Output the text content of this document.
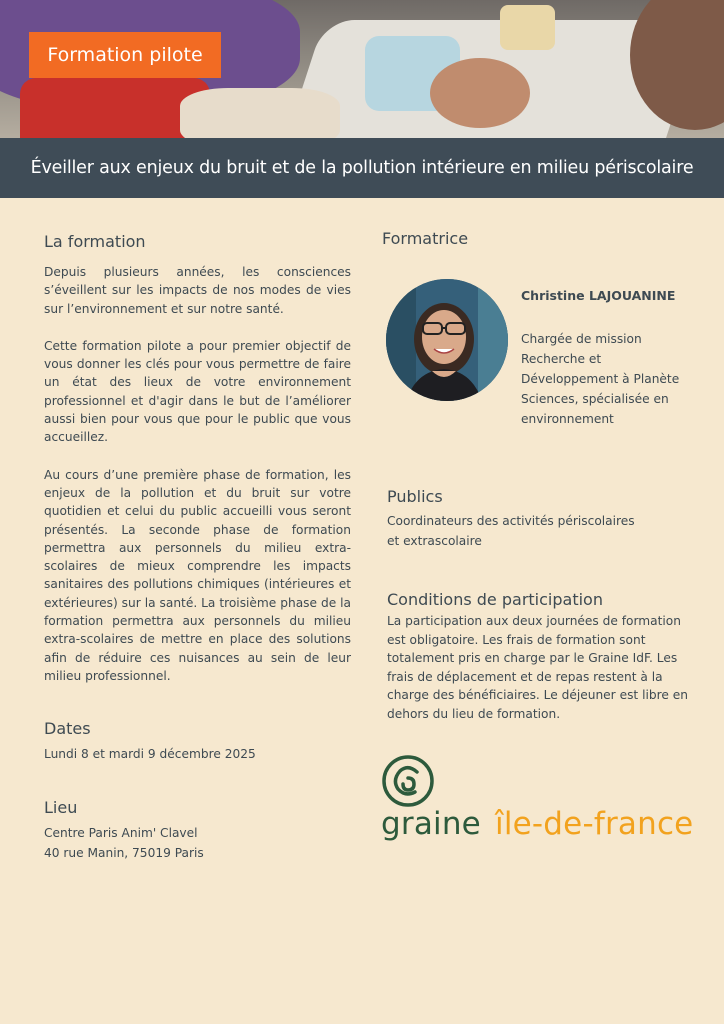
Formation pilote
Éveiller aux enjeux du bruit et de la pollution intérieure en milieu périscolaire
La formation

Depuis plusieurs années, les consciences s’éveillent sur les impacts de nos modes de vies sur l’environnement et sur notre santé.

Cette formation pilote a pour premier objectif de vous donner les clés pour vous permettre de faire un état des lieux de votre environnement professionnel et d'agir dans le but de l’améliorer aussi bien pour vous que pour le public que vous accueillez.

Au cours d’une première phase de formation, les enjeux de la pollution et du bruit sur votre quotidien et celui du public accueilli vous seront présentés. La seconde phase de formation permettra aux personnels du milieu extra-scolaires de mieux comprendre les impacts sanitaires des pollutions chimiques (intérieures et extérieures) sur la santé. La troisième phase de la formation permettra aux personnels du milieu extra-scolaires de mettre en place des solutions afin de réduire ces nuisances au sein de leur milieu professionnel.

Dates

Lundi 8 et mardi 9 décembre 2025

Lieu

Centre Paris Anim' Clavel

40 rue Manin, 75019 Paris

Formatrice

Christine LAJOUANINE

Chargée de mission

Recherche et

Développement à Planète

Sciences, spécialisée en

environnement

Publics

Coordinateurs des activités périscolaires

et extrascolaire

Conditions de participation

La participation aux deux journées de formation

est obligatoire. Les frais de formation sont

totalement pris en charge par le Graine IdF. Les

frais de déplacement et de repas restent à la

charge des bénéficiaires. Le déjeuner est libre en

dehors du lieu de formation.

graine île-de-france
